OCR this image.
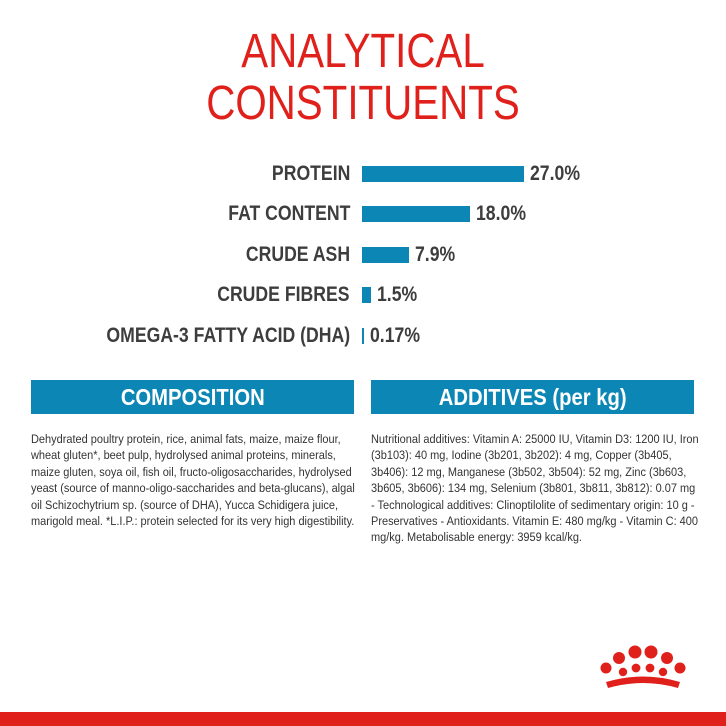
ANALYTICAL
CONSTITUENTS
PROTEIN	27.0%
FAT CONTENT	18.0%
CRUDE ASH	7.9%
CRUDE FIBRES 1.5%
OMEGA-3 FATTY ACID (DHA) 0.17%
COMPOSITION	ADDITIVES (per kg)
Dehydrated poultry protein, rice, animal fats, maize, maize flour, wheat gluten*, beet pulp, hydrolysed animal proteins, minerals, maize gluten, soya oil, fish oil, fructo-oligosaccharides, hydrolysed yeast (source of manno-oligo-saccharides and beta-glucans), algal oil Schizochytrium sp. (source of DHA), Yucca Schidigera juice, marigold meal. *L.I.P.: protein selected for its very high digestibility.
Nutritional additives: Vitamin A: 25000 IU, Vitamin D3: 1200 IU, Iron (3b103): 40 mg, Iodine (3b201, 3b202): 4 mg, Copper (3b405, 3b406): 12 mg, Manganese (3b502, 3b504): 52 mg, Zinc (3b603, 3b605, 3b606): 134 mg, Selenium (3b801, 3b811, 3b812): 0.07 mg - Technological additives: Clinoptilolite of sedimentary origin: 10 g - Preservatives - Antioxidants. Vitamin E: 480 mg/kg - Vitamin C: 400 mg/kg. Metabolisable energy: 3959 kcal/kg.
